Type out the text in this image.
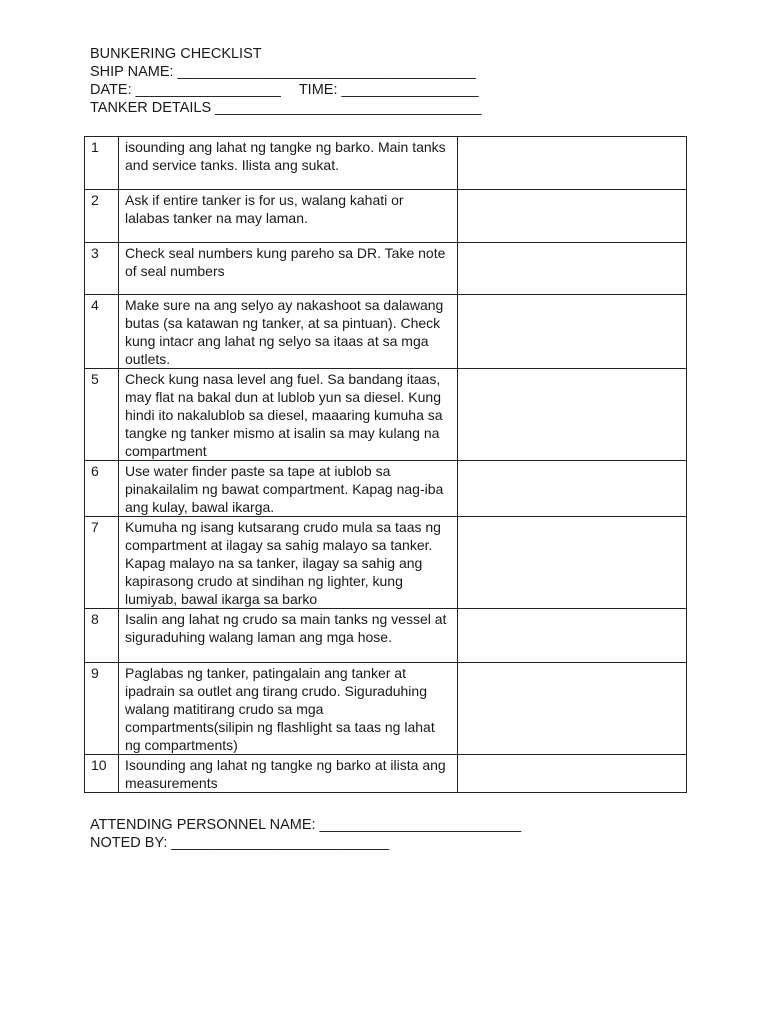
BUNKERING CHECKLIST
SHIP NAME: _____________________________________
DATE: __________________ TIME: _________________
TANKER DETAILS _________________________________
1	isounding ang lahat ng tangke ng barko. Main tanks and service tanks. Ilista ang sukat.	
2	Ask if entire tanker is for us, walang kahati or lalabas tanker na may laman.	
3	Check seal numbers kung pareho sa DR. Take note of seal numbers	
4	Make sure na ang selyo ay nakashoot sa dalawang butas (sa katawan ng tanker, at sa pintuan). Check kung intacr ang lahat ng selyo sa itaas at sa mga outlets.	
5	Check kung nasa level ang fuel. Sa bandang itaas, may flat na bakal dun at lublob yun sa diesel. Kung hindi ito nakalublob sa diesel, maaaring kumuha sa tangke ng tanker mismo at isalin sa may kulang na compartment	
6	Use water finder paste sa tape at iublob sa pinakailalim ng bawat compartment. Kapag nag-iba ang kulay, bawal ikarga.	
7	Kumuha ng isang kutsarang crudo mula sa taas ng compartment at ilagay sa sahig malayo sa tanker. Kapag malayo na sa tanker, ilagay sa sahig ang kapirasong crudo at sindihan ng lighter, kung lumiyab, bawal ikarga sa barko	
8	Isalin ang lahat ng crudo sa main tanks ng vessel at siguraduhing walang laman ang mga hose.	
9	Paglabas ng tanker, patingalain ang tanker at ipadrain sa outlet ang tirang crudo. Siguraduhing walang matitirang crudo sa mga compartments(silipin ng flashlight sa taas ng lahat ng compartments)	
10	Isounding ang lahat ng tangke ng barko at ilista ang measurements	
ATTENDING PERSONNEL NAME: _________________________
NOTED BY: ___________________________
